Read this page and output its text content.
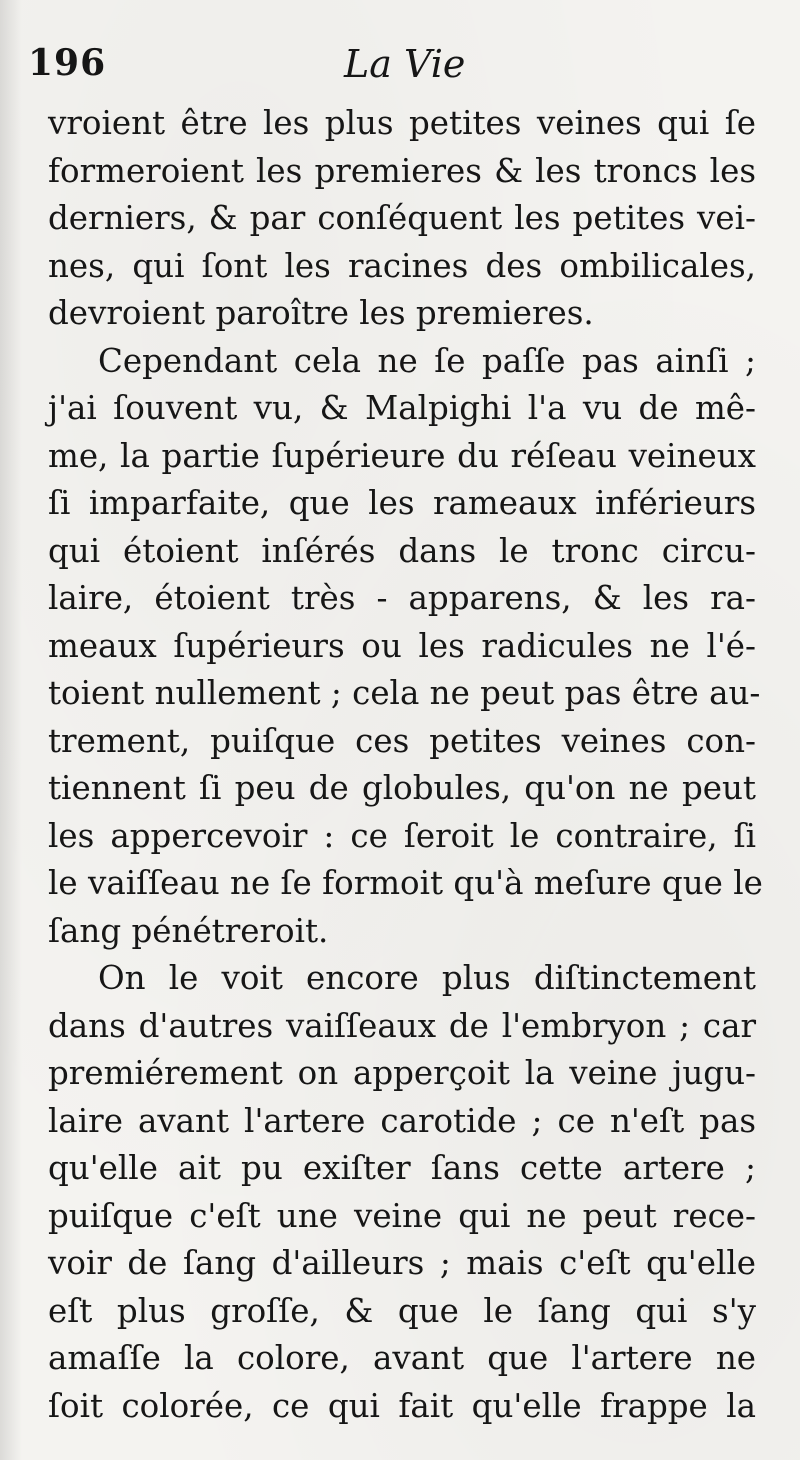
196	La Vie
vroient être les plus petites veines qui ſe
formeroient les premieres & les troncs les
derniers, & par conſéquent les petites vei-
nes, qui ſont les racines des ombilicales,
devroient paroître les premieres.
Cependant cela ne ſe paſſe pas ainſi ;
j'ai ſouvent vu, & Malpighi l'a vu de mê-
me, la partie ſupérieure du réſeau veineux
ſi imparfaite, que les rameaux inférieurs
qui étoient inſérés dans le tronc circu-
laire, étoient très - apparens, & les ra-
meaux ſupérieurs ou les radicules ne l'é-
toient nullement ; cela ne peut pas être au-
trement, puiſque ces petites veines con-
tiennent ſi peu de globules, qu'on ne peut
les appercevoir : ce ſeroit le contraire, ſi
le vaiſſeau ne ſe formoit qu'à meſure que le
ſang pénétreroit.
On le voit encore plus diſtinctement
dans d'autres vaiſſeaux de l'embryon ; car
premiérement on apperçoit la veine jugu-
laire avant l'artere carotide ; ce n'eſt pas
qu'elle ait pu exiſter ſans cette artere ;
puiſque c'eſt une veine qui ne peut rece-
voir de ſang d'ailleurs ; mais c'eſt qu'elle
eſt plus groſſe, & que le ſang qui s'y
amaſſe la colore, avant que l'artere ne
ſoit colorée, ce qui fait qu'elle frappe la
